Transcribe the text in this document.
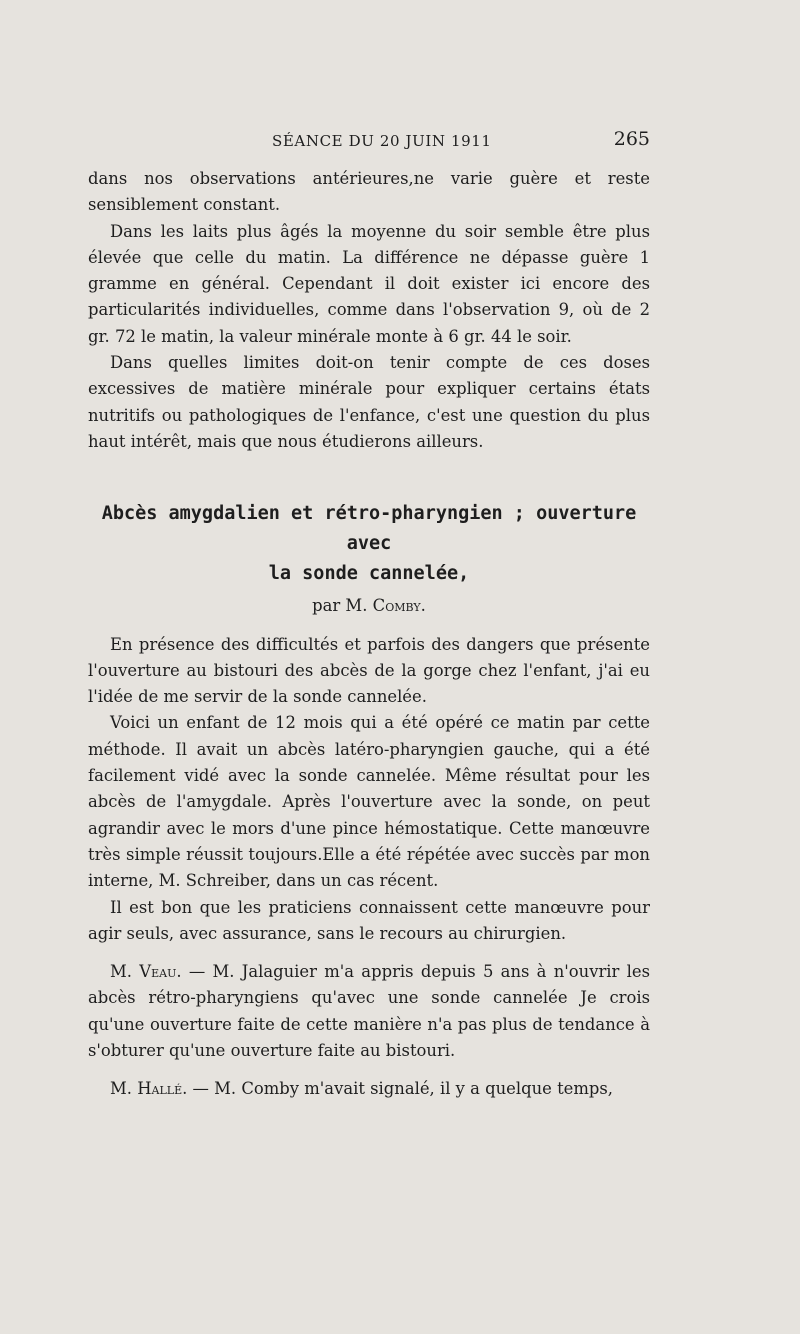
SÉANCE DU 20 JUIN 1911	265

dans nos observations antérieures,ne varie guère et reste sensiblement constant.

Dans les laits plus âgés la moyenne du soir semble être plus élevée que celle du matin. La différence ne dépasse guère 1 gramme en général. Cependant il doit exister ici encore des particularités individuelles, comme dans l'observation 9, où de 2 gr. 72 le matin, la valeur minérale monte à 6 gr. 44 le soir.

Dans quelles limites doit-on tenir compte de ces doses excessives de matière minérale pour expliquer certains états nutritifs ou pathologiques de l'enfance, c'est une question du plus haut intérêt, mais que nous étudierons ailleurs.

Abcès amygdalien et rétro-pharyngien ; ouverture avec
la sonde cannelée,

par M. Comby.

En présence des difficultés et parfois des dangers que présente l'ouverture au bistouri des abcès de la gorge chez l'enfant, j'ai eu l'idée de me servir de la sonde cannelée.

Voici un enfant de 12 mois qui a été opéré ce matin par cette méthode. Il avait un abcès latéro-pharyngien gauche, qui a été facilement vidé avec la sonde cannelée. Même résultat pour les abcès de l'amygdale. Après l'ouverture avec la sonde, on peut agrandir avec le mors d'une pince hémostatique. Cette manœuvre très simple réussit toujours.Elle a été répétée avec succès par mon interne, M. Schreiber, dans un cas récent.

Il est bon que les praticiens connaissent cette manœuvre pour agir seuls, avec assurance, sans le recours au chirurgien.

M. Veau. — M. Jalaguier m'a appris depuis 5 ans à n'ouvrir les abcès rétro-pharyngiens qu'avec une sonde cannelée Je crois qu'une ouverture faite de cette manière n'a pas plus de tendance à s'obturer qu'une ouverture faite au bistouri.

M. Hallé. — M. Comby m'avait signalé, il y a quelque temps,
